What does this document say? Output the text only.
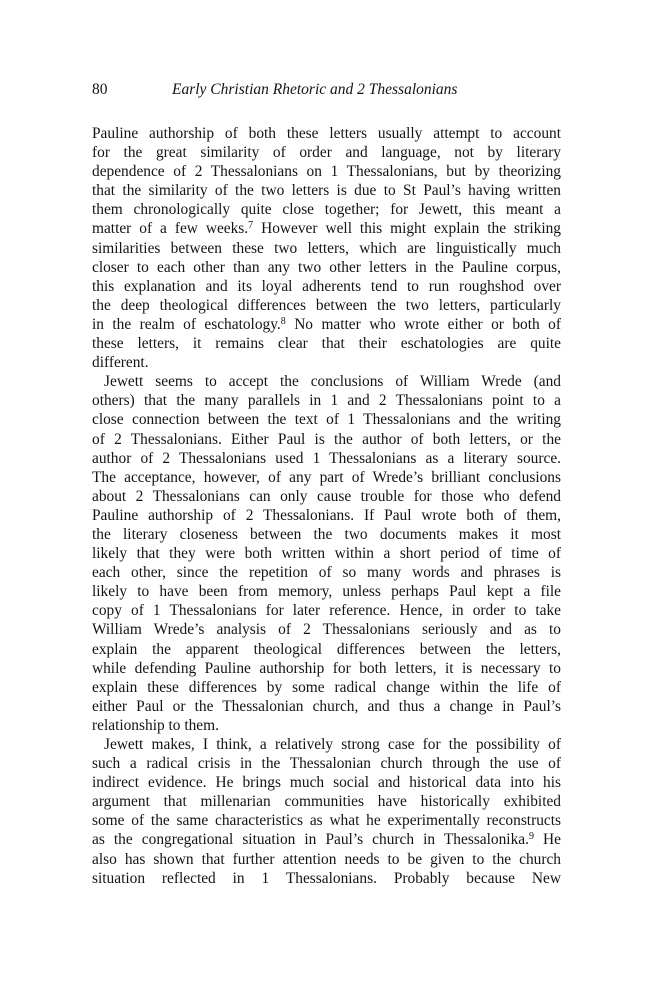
80	Early Christian Rhetoric and 2 Thessalonians
Pauline authorship of both these letters usually attempt to account
for the great similarity of order and language, not by literary
dependence of 2 Thessalonians on 1 Thessalonians, but by theorizing
that the similarity of the two letters is due to St Paul’s having written
them chronologically quite close together; for Jewett, this meant a
matter of a few weeks.$^7$ However well this might explain the striking
similarities between these two letters, which are linguistically much
closer to each other than any two other letters in the Pauline corpus,
this explanation and its loyal adherents tend to run roughshod over
the deep theological differences between the two letters, particularly
in the realm of eschatology.$^8$ No matter who wrote either or both of
these letters, it remains clear that their eschatologies are quite
different.
Jewett seems to accept the conclusions of William Wrede (and
others) that the many parallels in 1 and 2 Thessalonians point to a
close connection between the text of 1 Thessalonians and the writing
of 2 Thessalonians. Either Paul is the author of both letters, or the
author of 2 Thessalonians used 1 Thessalonians as a literary source.
The acceptance, however, of any part of Wrede’s brilliant conclusions
about 2 Thessalonians can only cause trouble for those who defend
Pauline authorship of 2 Thessalonians. If Paul wrote both of them,
the literary closeness between the two documents makes it most
likely that they were both written within a short period of time of
each other, since the repetition of so many words and phrases is
likely to have been from memory, unless perhaps Paul kept a file
copy of 1 Thessalonians for later reference. Hence, in order to take
William Wrede’s analysis of 2 Thessalonians seriously and as to
explain the apparent theological differences between the letters,
while defending Pauline authorship for both letters, it is necessary to
explain these differences by some radical change within the life of
either Paul or the Thessalonian church, and thus a change in Paul’s
relationship to them.
Jewett makes, I think, a relatively strong case for the possibility of
such a radical crisis in the Thessalonian church through the use of
indirect evidence. He brings much social and historical data into his
argument that millenarian communities have historically exhibited
some of the same characteristics as what he experimentally reconstructs
as the congregational situation in Paul’s church in Thessalonika.$^9$ He
also has shown that further attention needs to be given to the church
situation reflected in 1 Thessalonians. Probably because New
